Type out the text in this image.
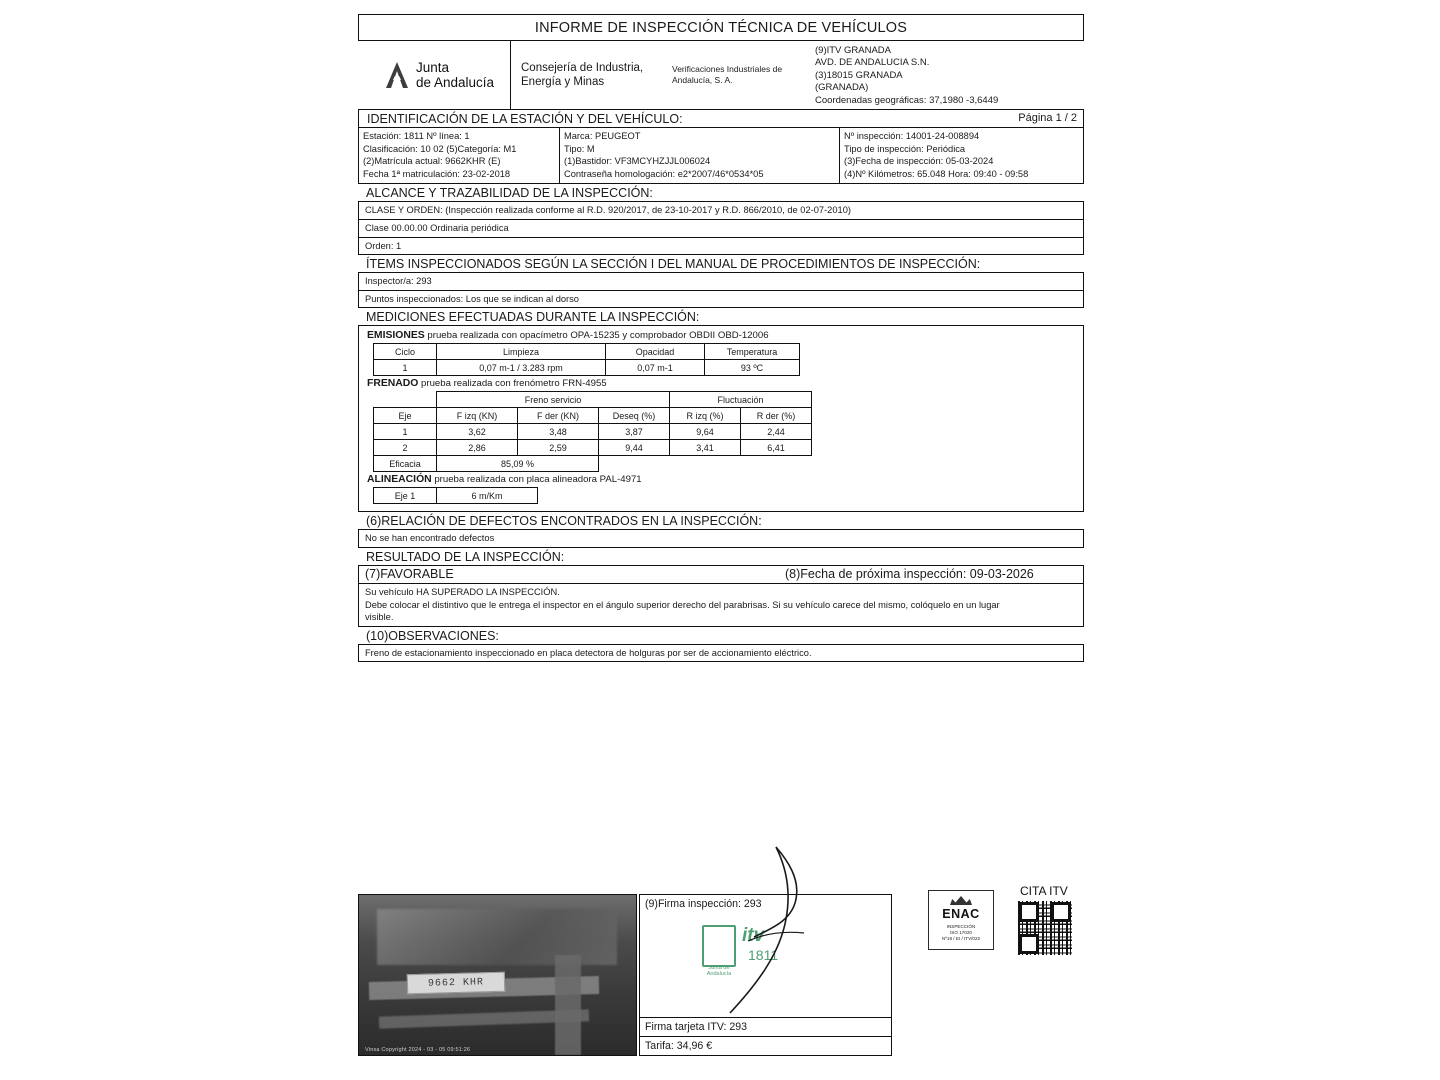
INFORME DE INSPECCIÓN TÉCNICA DE VEHÍCULOS
Junta
de Andalucía
Consejería de Industria,
Energía y Minas
Verificaciones Industriales de
Andalucía, S. A.
(9)ITV GRANADA
AVD. DE ANDALUCIA S.N.
(3)18015 GRANADA
(GRANADA)
Coordenadas geográficas: 37,1980 -3,6449
IDENTIFICACIÓN DE LA ESTACIÓN Y DEL VEHÍCULO:	Página 1 / 2
Estación: 1811 Nº línea: 1
Clasificación: 10 02 (5)Categoría: M1
(2)Matrícula actual: 9662KHR (E)
Fecha 1ª matriculación: 23-02-2018
Marca: PEUGEOT
Tipo: M
(1)Bastidor: VF3MCYHZJJL006024
Contraseña homologación: e2*2007/46*0534*05
Nº inspección: 14001-24-008894
Tipo de inspección: Periódica
(3)Fecha de inspección: 05-03-2024
(4)Nº Kilómetros: 65.048 Hora: 09:40 - 09:58
ALCANCE Y TRAZABILIDAD DE LA INSPECCIÓN:
CLASE Y ORDEN: (Inspección realizada conforme al R.D. 920/2017, de 23-10-2017 y R.D. 866/2010, de 02-07-2010)
Clase 00.00.00 Ordinaria periódica
Orden: 1
ÍTEMS INSPECCIONADOS SEGÚN LA SECCIÓN I DEL MANUAL DE PROCEDIMIENTOS DE INSPECCIÓN:
Inspector/a: 293
Puntos inspeccionados: Los que se indican al dorso
MEDICIONES EFECTUADAS DURANTE LA INSPECCIÓN:
EMISIONES prueba realizada con opacímetro OPA-15235 y comprobador OBDII OBD-12006
Ciclo	Limpieza	Opacidad	Temperatura
1	0,07 m-1 / 3.283 rpm	0,07 m-1	93 ºC
FRENADO prueba realizada con frenómetro FRN-4955
	Freno servicio			Fluctuación	
Eje	F izq (KN)	F der (KN)	Deseq (%)	R izq (%)	R der (%)
1	3,62	3,48	3,87	9,64	2,44
2	2,86	2,59	9,44	3,41	6,41
Eficacia	85,09 %				
ALINEACIÓN prueba realizada con placa alineadora PAL-4971
Eje 1	6 m/Km
(6)RELACIÓN DE DEFECTOS ENCONTRADOS EN LA INSPECCIÓN:
No se han encontrado defectos
RESULTADO DE LA INSPECCIÓN:
(7)FAVORABLE	(8)Fecha de próxima inspección: 09-03-2026
Su vehículo HA SUPERADO LA INSPECCIÓN.
Debe colocar el distintivo que le entrega el inspector en el ángulo superior derecho del parabrisas. Si su vehículo carece del mismo, colóquelo en un lugar
visible.
(10)OBSERVACIONES:
Freno de estacionamiento inspeccionado en placa detectora de holguras por ser de accionamiento eléctrico.
9662 KHR
Vinsa Copyright 2024 - 03 - 05 09:51:26
(9)Firma inspección: 293
itv
1811
Junta de Andalucía
Firma tarjeta ITV: 293
Tarifa: 34,96 €
ENAC
INSPECCIÓN
ISO 17020
Nº19 / EI / ITV/022
CITA ITV
